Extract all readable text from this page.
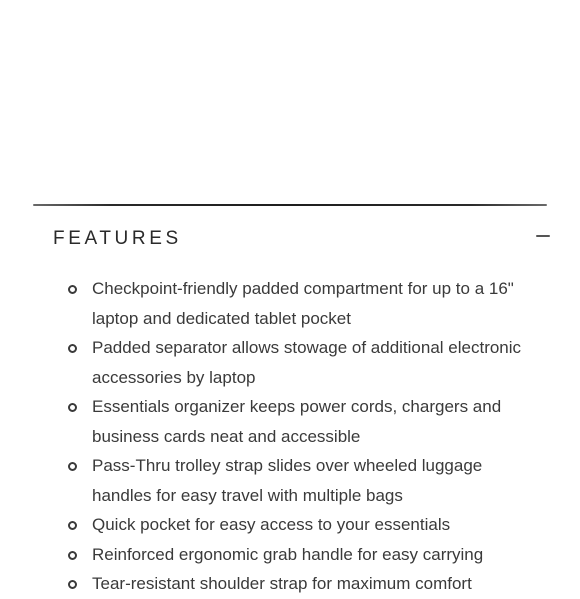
FEATURES
Checkpoint-friendly padded compartment for up to a 16" laptop and dedicated tablet pocket
Padded separator allows stowage of additional electronic accessories by laptop
Essentials organizer keeps power cords, chargers and business cards neat and accessible
Pass-Thru trolley strap slides over wheeled luggage handles for easy travel with multiple bags
Quick pocket for easy access to your essentials
Reinforced ergonomic grab handle for easy carrying
Tear-resistant shoulder strap for maximum comfort
